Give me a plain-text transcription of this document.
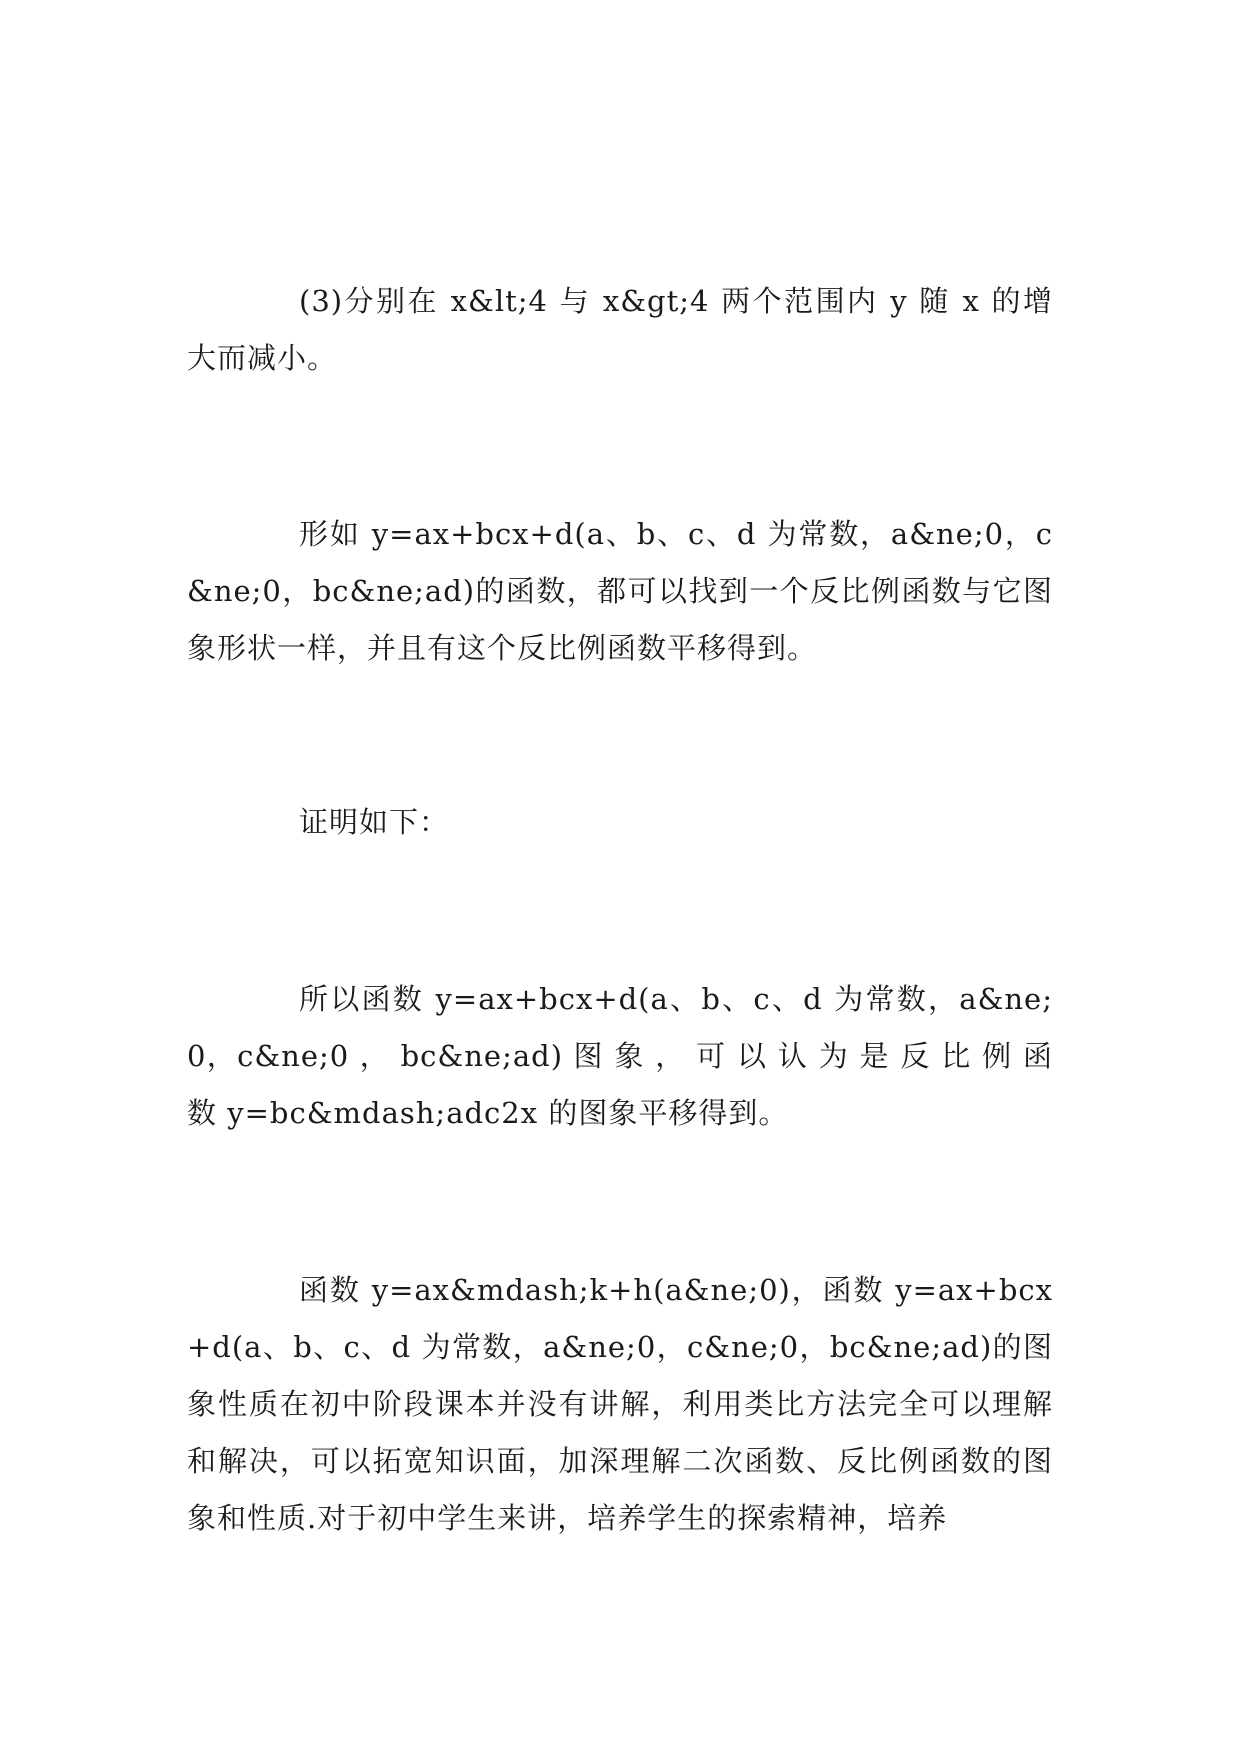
(3)分别在 x&lt;4 与 x&gt;4 两个范围内 y 随 x 的增大而减小。

形如 y=ax+bcx+d(a、b、c、d 为常数，a&ne;0，c&ne;0，bc&ne;ad)的函数，都可以找到一个反比例函数与它图象形状一样，并且有这个反比例函数平移得到。

证明如下：

所以函数 y=ax+bcx+d(a、b、c、d 为常数，a&ne;0，c&ne;0 ， bc&ne;ad) 图 象 ， 可 以 认 为 是 反 比 例 函 数 y=bc&mdash;adc2x 的图象平移得到。

函数 y=ax&mdash;k+h(a&ne;0)，函数 y=ax+bcx+d(a、b、c、d 为常数，a&ne;0，c&ne;0，bc&ne;ad)的图象性质在初中阶段课本并没有讲解，利用类比方法完全可以理解和解决，可以拓宽知识面，加深理解二次函数、反比例函数的图象和性质.对于初中学生来讲，培养学生的探索精神，培养
